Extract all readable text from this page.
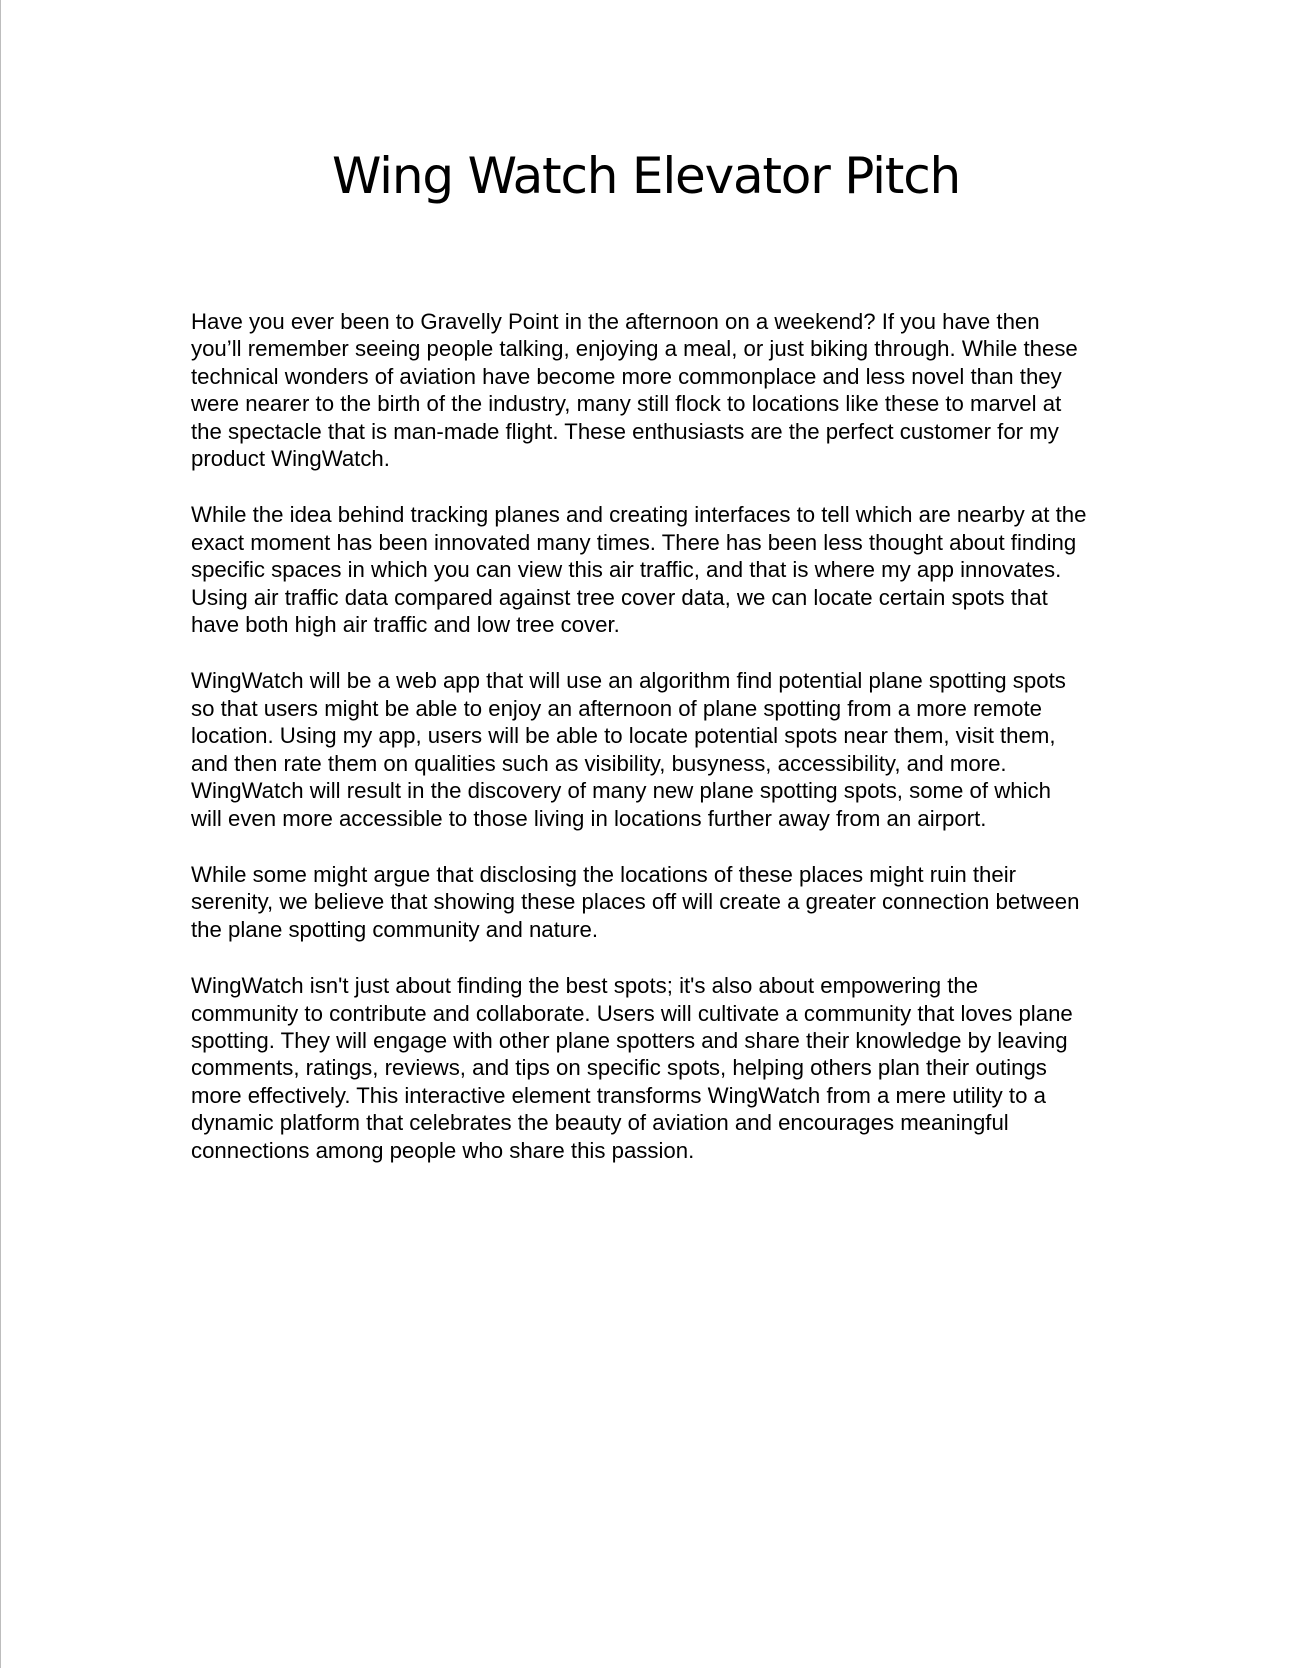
Wing Watch Elevator Pitch

Have you ever been to Gravelly Point in the afternoon on a weekend? If you have then
you’ll remember seeing people talking, enjoying a meal, or just biking through. While these
technical wonders of aviation have become more commonplace and less novel than they
were nearer to the birth of the industry, many still flock to locations like these to marvel at
the spectacle that is man-made flight. These enthusiasts are the perfect customer for my
product WingWatch.

While the idea behind tracking planes and creating interfaces to tell which are nearby at the
exact moment has been innovated many times. There has been less thought about finding
specific spaces in which you can view this air traffic, and that is where my app innovates.
Using air traffic data compared against tree cover data, we can locate certain spots that
have both high air traffic and low tree cover.

WingWatch will be a web app that will use an algorithm find potential plane spotting spots
so that users might be able to enjoy an afternoon of plane spotting from a more remote
location. Using my app, users will be able to locate potential spots near them, visit them,
and then rate them on qualities such as visibility, busyness, accessibility, and more.
WingWatch will result in the discovery of many new plane spotting spots, some of which
will even more accessible to those living in locations further away from an airport.

While some might argue that disclosing the locations of these places might ruin their
serenity, we believe that showing these places off will create a greater connection between
the plane spotting community and nature.

WingWatch isn't just about finding the best spots; it's also about empowering the
community to contribute and collaborate. Users will cultivate a community that loves plane
spotting. They will engage with other plane spotters and share their knowledge by leaving
comments, ratings, reviews, and tips on specific spots, helping others plan their outings
more effectively. This interactive element transforms WingWatch from a mere utility to a
dynamic platform that celebrates the beauty of aviation and encourages meaningful
connections among people who share this passion.
